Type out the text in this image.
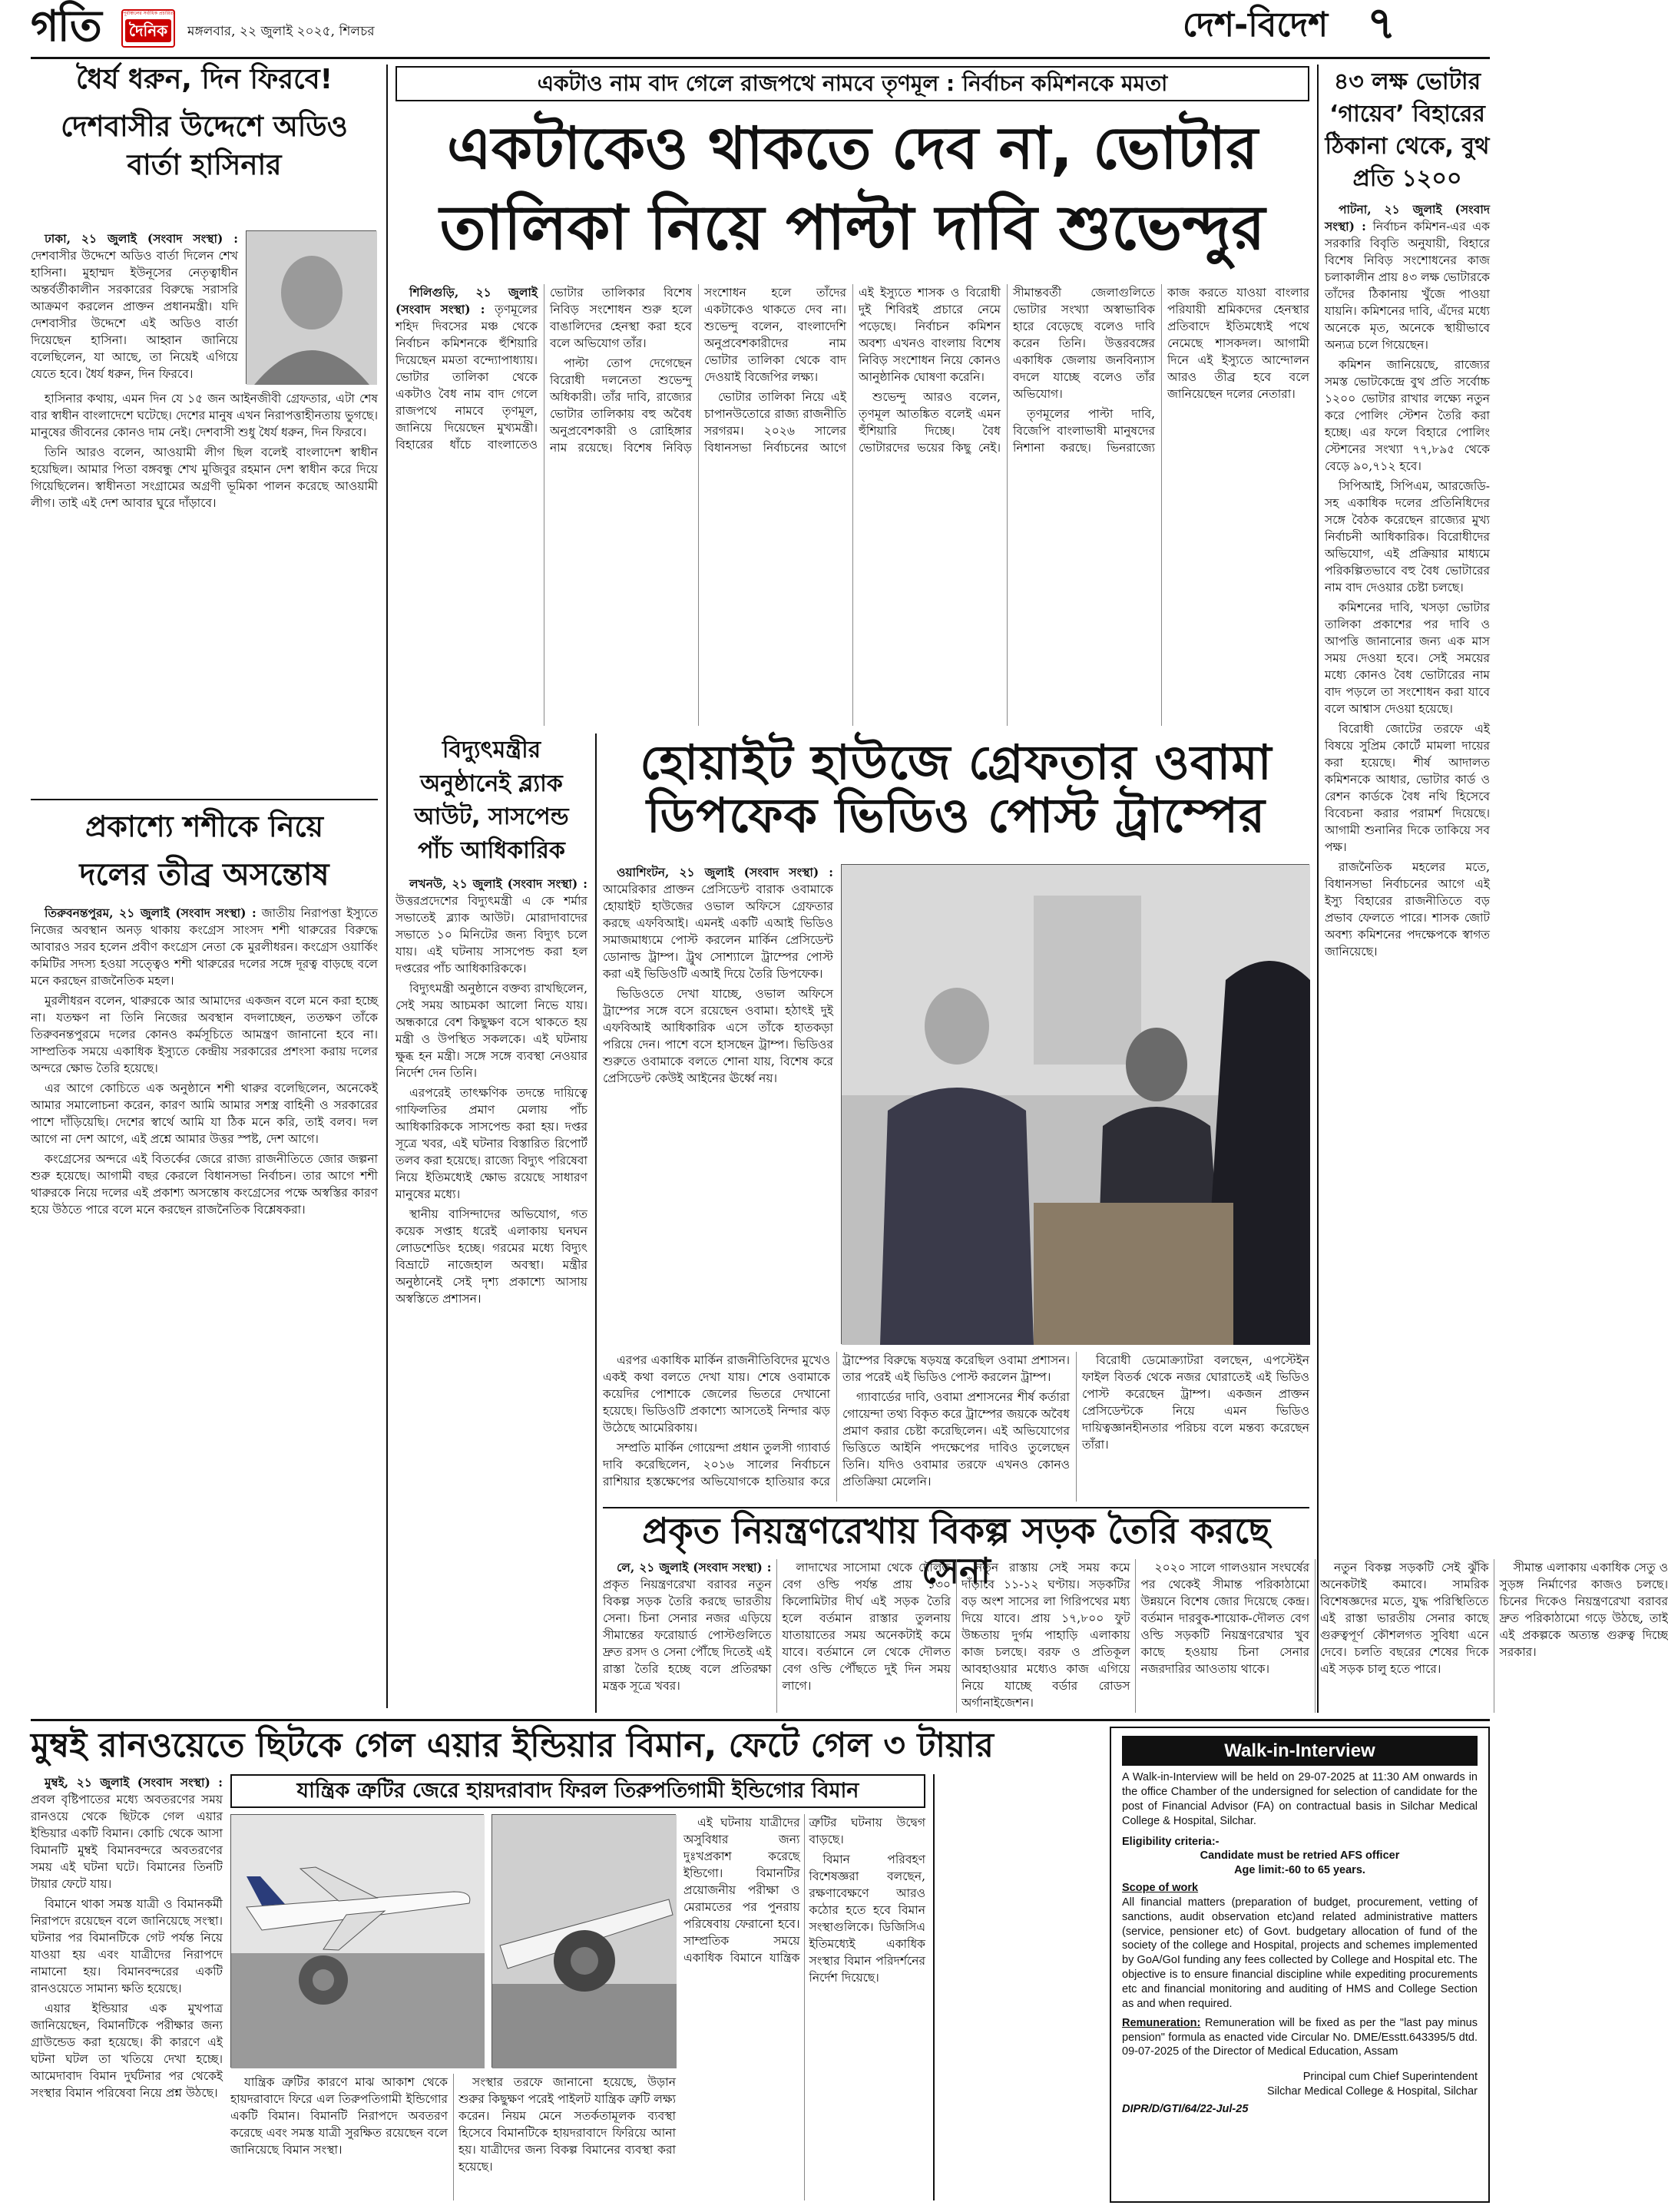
গতি	পূর্বাঞ্চলের সর্বাধিক প্রচারিত
দৈনিক মঙ্গলবার, ২২ জুলাই ২০২৫, শিলচর	দেশ-বিদেশ ৭
ধৈর্য ধরুন, দিন ফিরবে!
দেশবাসীর উদ্দেশে অডিও বার্তা হাসিনার

ঢাকা, ২১ জুলাই (সংবাদ সংস্থা) : দেশবাসীর উদ্দেশে অডিও বার্তা দিলেন শেখ হাসিনা। মুহাম্মদ ইউনূসের নেতৃত্বাধীন অন্তর্বর্তীকালীন সরকারের বিরুদ্ধে সরাসরি আক্রমণ করলেন প্রাক্তন প্রধানমন্ত্রী। যদি দেশবাসীর উদ্দেশে এই অডিও বার্তা দিয়েছেন হাসিনা। আহ্বান জানিয়ে বলেছিলেন, যা আছে, তা নিয়েই এগিয়ে যেতে হবে। ধৈর্য ধরুন, দিন ফিরবে।

হাসিনার কথায়, এমন দিন যে ১৫ জন আইনজীবী গ্রেফতার, এটা শেষ বার স্বাধীন বাংলাদেশে ঘটেছে। দেশের মানুষ এখন নিরাপত্তাহীনতায় ভুগছে। মানুষের জীবনের কোনও দাম নেই। দেশবাসী শুধু ধৈর্য ধরুন, দিন ফিরবে।

তিনি আরও বলেন, আওয়ামী লীগ ছিল বলেই বাংলাদেশ স্বাধীন হয়েছিল। আমার পিতা বঙ্গবন্ধু শেখ মুজিবুর রহমান দেশ স্বাধীন করে দিয়ে গিয়েছিলেন। স্বাধীনতা সংগ্রামের অগ্রণী ভূমিকা পালন করেছে আওয়ামী লীগ। তাই এই দেশ আবার ঘুরে দাঁড়াবে।

প্রকাশ্যে শশীকে নিয়ে
দলের তীব্র অসন্তোষ

তিরুবনন্তপুরম, ২১ জুলাই (সংবাদ সংস্থা) : জাতীয় নিরাপত্তা ইস্যুতে নিজের অবস্থান অনড় থাকায় কংগ্রেস সাংসদ শশী থারুরের বিরুদ্ধে আবারও সরব হলেন প্রবীণ কংগ্রেস নেতা কে মুরলীধরন। কংগ্রেস ওয়ার্কিং কমিটির সদস্য হওয়া সত্ত্বেও শশী থারুরের দলের সঙ্গে দূরত্ব বাড়ছে বলে মনে করছেন রাজনৈতিক মহল।

মুরলীধরন বলেন, থারুরকে আর আমাদের একজন বলে মনে করা হচ্ছে না। যতক্ষণ না তিনি নিজের অবস্থান বদলাচ্ছেন, ততক্ষণ তাঁকে তিরুবনন্তপুরমে দলের কোনও কর্মসূচিতে আমন্ত্রণ জানানো হবে না। সাম্প্রতিক সময়ে একাধিক ইস্যুতে কেন্দ্রীয় সরকারের প্রশংসা করায় দলের অন্দরে ক্ষোভ তৈরি হয়েছে।

এর আগে কোচিতে এক অনুষ্ঠানে শশী থারুর বলেছিলেন, অনেকেই আমার সমালোচনা করেন, কারণ আমি আমার সশস্ত্র বাহিনী ও সরকারের পাশে দাঁড়িয়েছি। দেশের স্বার্থে আমি যা ঠিক মনে করি, তাই বলব। দল আগে না দেশ আগে, এই প্রশ্নে আমার উত্তর স্পষ্ট, দেশ আগে।

কংগ্রেসের অন্দরে এই বিতর্কের জেরে রাজ্য রাজনীতিতে জোর জল্পনা শুরু হয়েছে। আগামী বছর কেরলে বিধানসভা নির্বাচন। তার আগে শশী থারুরকে নিয়ে দলের এই প্রকাশ্য অসন্তোষ কংগ্রেসের পক্ষে অস্বস্তির কারণ হয়ে উঠতে পারে বলে মনে করছেন রাজনৈতিক বিশ্লেষকরা।

একটাও নাম বাদ গেলে রাজপথে নামবে তৃণমূল : নির্বাচন কমিশনকে মমতা
একটাকেও থাকতে দেব না, ভোটার
তালিকা নিয়ে পাল্টা দাবি শুভেন্দুর

শিলিগুড়ি, ২১ জুলাই (সংবাদ সংস্থা) : তৃণমূলের শহিদ দিবসের মঞ্চ থেকে নির্বাচন কমিশনকে হুঁশিয়ারি দিয়েছেন মমতা বন্দ্যোপাধ্যায়। ভোটার তালিকা থেকে একটাও বৈধ নাম বাদ গেলে রাজপথে নামবে তৃণমূল, জানিয়ে দিয়েছেন মুখ্যমন্ত্রী। বিহারের ধাঁচে বাংলাতেও ভোটার তালিকার বিশেষ নিবিড় সংশোধন শুরু হলে বাঙালিদের হেনস্থা করা হবে বলে অভিযোগ তাঁর।

পাল্টা তোপ দেগেছেন বিরোধী দলনেতা শুভেন্দু অধিকারী। তাঁর দাবি, রাজ্যের ভোটার তালিকায় বহু অবৈধ অনুপ্রবেশকারী ও রোহিঙ্গার নাম রয়েছে। বিশেষ নিবিড় সংশোধন হলে তাঁদের একটাকেও থাকতে দেব না। শুভেন্দু বলেন, বাংলাদেশি অনুপ্রবেশকারীদের নাম ভোটার তালিকা থেকে বাদ দেওয়াই বিজেপির লক্ষ্য।

ভোটার তালিকা নিয়ে এই চাপানউতোরে রাজ্য রাজনীতি সরগরম। ২০২৬ সালের বিধানসভা নির্বাচনের আগে এই ইস্যুতে শাসক ও বিরোধী দুই শিবিরই প্রচারে নেমে পড়েছে। নির্বাচন কমিশন অবশ্য এখনও বাংলায় বিশেষ নিবিড় সংশোধন নিয়ে কোনও আনুষ্ঠানিক ঘোষণা করেনি।

শুভেন্দু আরও বলেন, তৃণমূল আতঙ্কিত বলেই এমন হুঁশিয়ারি দিচ্ছে। বৈধ ভোটারদের ভয়ের কিছু নেই। সীমান্তবর্তী জেলাগুলিতে ভোটার সংখ্যা অস্বাভাবিক হারে বেড়েছে বলেও দাবি করেন তিনি। উত্তরবঙ্গের একাধিক জেলায় জনবিন্যাস বদলে যাচ্ছে বলেও তাঁর অভিযোগ।

তৃণমূলের পাল্টা দাবি, বিজেপি বাংলাভাষী মানুষদের নিশানা করছে। ভিনরাজ্যে কাজ করতে যাওয়া বাংলার পরিযায়ী শ্রমিকদের হেনস্থার প্রতিবাদে ইতিমধ্যেই পথে নেমেছে শাসকদল। আগামী দিনে এই ইস্যুতে আন্দোলন আরও তীব্র হবে বলে জানিয়েছেন দলের নেতারা।

বিদ্যুৎমন্ত্রীর অনুষ্ঠানেই ব্ল্যাক আউট, সাসপেন্ড পাঁচ আধিকারিক

লখনউ, ২১ জুলাই (সংবাদ সংস্থা) : উত্তরপ্রদেশের বিদ্যুৎমন্ত্রী এ কে শর্মার সভাতেই ব্ল্যাক আউট। মোরাদাবাদের সভাতে ১০ মিনিটের জন্য বিদ্যুৎ চলে যায়। এই ঘটনায় সাসপেন্ড করা হল দপ্তরের পাঁচ আধিকারিককে।

বিদ্যুৎমন্ত্রী অনুষ্ঠানে বক্তব্য রাখছিলেন, সেই সময় আচমকা আলো নিভে যায়। অন্ধকারে বেশ কিছুক্ষণ বসে থাকতে হয় মন্ত্রী ও উপস্থিত সকলকে। এই ঘটনায় ক্ষুব্ধ হন মন্ত্রী। সঙ্গে সঙ্গে ব্যবস্থা নেওয়ার নির্দেশ দেন তিনি।

এরপরেই তাৎক্ষণিক তদন্তে দায়িত্বে গাফিলতির প্রমাণ মেলায় পাঁচ আধিকারিককে সাসপেন্ড করা হয়। দপ্তর সূত্রে খবর, এই ঘটনার বিস্তারিত রিপোর্ট তলব করা হয়েছে। রাজ্যে বিদ্যুৎ পরিষেবা নিয়ে ইতিমধ্যেই ক্ষোভ রয়েছে সাধারণ মানুষের মধ্যে।

স্থানীয় বাসিন্দাদের অভিযোগ, গত কয়েক সপ্তাহ ধরেই এলাকায় ঘনঘন লোডশেডিং হচ্ছে। গরমের মধ্যে বিদ্যুৎ বিভ্রাটে নাজেহাল অবস্থা। মন্ত্রীর অনুষ্ঠানেই সেই দৃশ্য প্রকাশ্যে আসায় অস্বস্তিতে প্রশাসন।

হোয়াইট হাউজে গ্রেফতার ওবামা
ডিপফেক ভিডিও পোস্ট ট্রাম্পের

ওয়াশিংটন, ২১ জুলাই (সংবাদ সংস্থা) : আমেরিকার প্রাক্তন প্রেসিডেন্ট বারাক ওবামাকে হোয়াইট হাউজের ওভাল অফিসে গ্রেফতার করছে এফবিআই। এমনই একটি এআই ভিডিও সমাজমাধ্যমে পোস্ট করলেন মার্কিন প্রেসিডেন্ট ডোনাল্ড ট্রাম্প। ট্রুথ সোশ্যালে ট্রাম্পের পোস্ট করা এই ভিডিওটি এআই দিয়ে তৈরি ডিপফেক।

ভিডিওতে দেখা যাচ্ছে, ওভাল অফিসে ট্রাম্পের সঙ্গে বসে রয়েছেন ওবামা। হঠাৎই দুই এফবিআই আধিকারিক এসে তাঁকে হাতকড়া পরিয়ে দেন। পাশে বসে হাসছেন ট্রাম্প। ভিডিওর শুরুতে ওবামাকে বলতে শোনা যায়, বিশেষ করে প্রেসিডেন্ট কেউই আইনের ঊর্ধ্বে নয়।

এরপর একাধিক মার্কিন রাজনীতিবিদের মুখেও একই কথা বলতে দেখা যায়। শেষে ওবামাকে কয়েদির পোশাকে জেলের ভিতরে দেখানো হয়েছে। ভিডিওটি প্রকাশ্যে আসতেই নিন্দার ঝড় উঠেছে আমেরিকায়।

সম্প্রতি মার্কিন গোয়েন্দা প্রধান তুলসী গ্যাবার্ড দাবি করেছিলেন, ২০১৬ সালের নির্বাচনে রাশিয়ার হস্তক্ষেপের অভিযোগকে হাতিয়ার করে ট্রাম্পের বিরুদ্ধে ষড়যন্ত্র করেছিল ওবামা প্রশাসন। তার পরেই এই ভিডিও পোস্ট করলেন ট্রাম্প।

গ্যাবার্ডের দাবি, ওবামা প্রশাসনের শীর্ষ কর্তারা গোয়েন্দা তথ্য বিকৃত করে ট্রাম্পের জয়কে অবৈধ প্রমাণ করার চেষ্টা করেছিলেন। এই অভিযোগের ভিত্তিতে আইনি পদক্ষেপের দাবিও তুলেছেন তিনি। যদিও ওবামার তরফে এখনও কোনও প্রতিক্রিয়া মেলেনি।

বিরোধী ডেমোক্র্যাটরা বলছেন, এপস্টেইন ফাইল বিতর্ক থেকে নজর ঘোরাতেই এই ভিডিও পোস্ট করেছেন ট্রাম্প। একজন প্রাক্তন প্রেসিডেন্টকে নিয়ে এমন ভিডিও দায়িত্বজ্ঞানহীনতার পরিচয় বলে মন্তব্য করেছেন তাঁরা।

৪৩ লক্ষ ভোটার ‘গায়েব’ বিহারের ঠিকানা থেকে, বুথ প্রতি ১২০০

পাটনা, ২১ জুলাই (সংবাদ সংস্থা) : নির্বাচন কমিশন-এর এক সরকারি বিবৃতি অনুযায়ী, বিহারে বিশেষ নিবিড় সংশোধনের কাজ চলাকালীন প্রায় ৪৩ লক্ষ ভোটারকে তাঁদের ঠিকানায় খুঁজে পাওয়া যায়নি। কমিশনের দাবি, এঁদের মধ্যে অনেকে মৃত, অনেকে স্থায়ীভাবে অন্যত্র চলে গিয়েছেন।

কমিশন জানিয়েছে, রাজ্যের সমস্ত ভোটকেন্দ্রে বুথ প্রতি সর্বোচ্চ ১২০০ ভোটার রাখার লক্ষ্যে নতুন করে পোলিং স্টেশন তৈরি করা হচ্ছে। এর ফলে বিহারে পোলিং স্টেশনের সংখ্যা ৭৭,৮৯৫ থেকে বেড়ে ৯০,৭১২ হবে।

সিপিআই, সিপিএম, আরজেডি-সহ একাধিক দলের প্রতিনিধিদের সঙ্গে বৈঠক করেছেন রাজ্যের মুখ্য নির্বাচনী আধিকারিক। বিরোধীদের অভিযোগ, এই প্রক্রিয়ার মাধ্যমে পরিকল্পিতভাবে বহু বৈধ ভোটারের নাম বাদ দেওয়ার চেষ্টা চলছে।

কমিশনের দাবি, খসড়া ভোটার তালিকা প্রকাশের পর দাবি ও আপত্তি জানানোর জন্য এক মাস সময় দেওয়া হবে। সেই সময়ের মধ্যে কোনও বৈধ ভোটারের নাম বাদ পড়লে তা সংশোধন করা যাবে বলে আশ্বাস দেওয়া হয়েছে।

বিরোধী জোটের তরফে এই বিষয়ে সুপ্রিম কোর্টে মামলা দায়ের করা হয়েছে। শীর্ষ আদালত কমিশনকে আধার, ভোটার কার্ড ও রেশন কার্ডকে বৈধ নথি হিসেবে বিবেচনা করার পরামর্শ দিয়েছে। আগামী শুনানির দিকে তাকিয়ে সব পক্ষ।

রাজনৈতিক মহলের মতে, বিধানসভা নির্বাচনের আগে এই ইস্যু বিহারের রাজনীতিতে বড় প্রভাব ফেলতে পারে। শাসক জোট অবশ্য কমিশনের পদক্ষেপকে স্বাগত জানিয়েছে।

প্রকৃত নিয়ন্ত্রণরেখায় বিকল্প সড়ক তৈরি করছে সেনা

লে, ২১ জুলাই (সংবাদ সংস্থা) : প্রকৃত নিয়ন্ত্রণরেখা বরাবর নতুন বিকল্প সড়ক তৈরি করছে ভারতীয় সেনা। চিনা সেনার নজর এড়িয়ে সীমান্তের ফরোয়ার্ড পোস্টগুলিতে দ্রুত রসদ ও সেনা পৌঁছে দিতেই এই রাস্তা তৈরি হচ্ছে বলে প্রতিরক্ষা মন্ত্রক সূত্রে খবর।

লাদাখের সাসোমা থেকে দৌলত বেগ ওল্ডি পর্যন্ত প্রায় ১৩০ কিলোমিটার দীর্ঘ এই সড়ক তৈরি হলে বর্তমান রাস্তার তুলনায় যাতায়াতের সময় অনেকটাই কমে যাবে। বর্তমানে লে থেকে দৌলত বেগ ওল্ডি পৌঁছতে দুই দিন সময় লাগে।

নতুন রাস্তায় সেই সময় কমে দাঁড়াবে ১১-১২ ঘণ্টায়। সড়কটির বড় অংশ সাসের লা গিরিপথের মধ্য দিয়ে যাবে। প্রায় ১৭,৮০০ ফুট উচ্চতায় দুর্গম পাহাড়ি এলাকায় কাজ চলছে। বরফ ও প্রতিকূল আবহাওয়ার মধ্যেও কাজ এগিয়ে নিয়ে যাচ্ছে বর্ডার রোডস অর্গানাইজেশন।

২০২০ সালে গালওয়ান সংঘর্ষের পর থেকেই সীমান্ত পরিকাঠামো উন্নয়নে বিশেষ জোর দিয়েছে কেন্দ্র। বর্তমান দারবুক-শায়োক-দৌলত বেগ ওল্ডি সড়কটি নিয়ন্ত্রণরেখার খুব কাছে হওয়ায় চিনা সেনার নজরদারির আওতায় থাকে।

নতুন বিকল্প সড়কটি সেই ঝুঁকি অনেকটাই কমাবে। সামরিক বিশেষজ্ঞদের মতে, যুদ্ধ পরিস্থিতিতে এই রাস্তা ভারতীয় সেনার কাছে গুরুত্বপূর্ণ কৌশলগত সুবিধা এনে দেবে। চলতি বছরের শেষের দিকে এই সড়ক চালু হতে পারে।

সীমান্ত এলাকায় একাধিক সেতু ও সুড়ঙ্গ নির্মাণের কাজও চলছে। চিনের দিকেও নিয়ন্ত্রণরেখা বরাবর দ্রুত পরিকাঠামো গড়ে উঠছে, তাই এই প্রকল্পকে অত্যন্ত গুরুত্ব দিচ্ছে সরকার।

মুম্বই রানওয়েতে ছিটকে গেল এয়ার ইন্ডিয়ার বিমান, ফেটে গেল ৩ টায়ার

মুম্বই, ২১ জুলাই (সংবাদ সংস্থা) : প্রবল বৃষ্টিপাতের মধ্যে অবতরণের সময় রানওয়ে থেকে ছিটকে গেল এয়ার ইন্ডিয়ার একটি বিমান। কোচি থেকে আসা বিমানটি মুম্বই বিমানবন্দরে অবতরণের সময় এই ঘটনা ঘটে। বিমানের তিনটি টায়ার ফেটে যায়।

বিমানে থাকা সমস্ত যাত্রী ও বিমানকর্মী নিরাপদে রয়েছেন বলে জানিয়েছে সংস্থা। ঘটনার পর বিমানটিকে গেট পর্যন্ত নিয়ে যাওয়া হয় এবং যাত্রীদের নিরাপদে নামানো হয়। বিমানবন্দরের একটি রানওয়েতে সামান্য ক্ষতি হয়েছে।

এয়ার ইন্ডিয়ার এক মুখপাত্র জানিয়েছেন, বিমানটিকে পরীক্ষার জন্য গ্রাউন্ডেড করা হয়েছে। কী কারণে এই ঘটনা ঘটল তা খতিয়ে দেখা হচ্ছে। আমেদাবাদ বিমান দুর্ঘটনার পর থেকেই সংস্থার বিমান পরিষেবা নিয়ে প্রশ্ন উঠছে।

যান্ত্রিক ত্রুটির জেরে হায়দরাবাদ ফিরল তিরুপতিগামী ইন্ডিগোর বিমান

যান্ত্রিক ত্রুটির কারণে মাঝ আকাশ থেকে হায়দরাবাদে ফিরে এল তিরুপতিগামী ইন্ডিগোর একটি বিমান। বিমানটি নিরাপদে অবতরণ করেছে এবং সমস্ত যাত্রী সুরক্ষিত রয়েছেন বলে জানিয়েছে বিমান সংস্থা।

সংস্থার তরফে জানানো হয়েছে, উড়ান শুরুর কিছুক্ষণ পরেই পাইলট যান্ত্রিক ত্রুটি লক্ষ্য করেন। নিয়ম মেনে সতর্কতামূলক ব্যবস্থা হিসেবে বিমানটিকে হায়দরাবাদে ফিরিয়ে আনা হয়। যাত্রীদের জন্য বিকল্প বিমানের ব্যবস্থা করা হয়েছে।

এই ঘটনায় যাত্রীদের অসুবিধার জন্য দুঃখপ্রকাশ করেছে ইন্ডিগো। বিমানটির প্রয়োজনীয় পরীক্ষা ও মেরামতের পর পুনরায় পরিষেবায় ফেরানো হবে। সাম্প্রতিক সময়ে একাধিক বিমানে যান্ত্রিক ত্রুটির ঘটনায় উদ্বেগ বাড়ছে।

বিমান পরিবহণ বিশেষজ্ঞরা বলছেন, রক্ষণাবেক্ষণে আরও কঠোর হতে হবে বিমান সংস্থাগুলিকে। ডিজিসিএ ইতিমধ্যেই একাধিক সংস্থার বিমান পরিদর্শনের নির্দেশ দিয়েছে।

Walk-in-Interview
A Walk-in-Interview will be held on 29-07-2025 at 11:30 AM onwards in the office Chamber of the undersigned for selection of candidate for the post of Financial Advisor (FA) on contractual basis in Silchar Medical College & Hospital, Silchar.
Eligibility criteria:-
Candidate must be retried AFS officer
Age limit:-60 to 65 years.
Scope of work
All financial matters (preparation of budget, procurement, vetting of sanctions, audit observation etc)and related administrative matters (service, pensioner etc) of Govt. budgetary allocation of fund of the society of the college and Hospital, projects and schemes implemented by GoA/GoI funding any fees collected by College and Hospital etc. The objective is to ensure financial discipline while expediting procurements etc and financial monitoring and auditing of HMS and College Section as and when required.
Remuneration: Remuneration will be fixed as per the "last pay minus pension" formula as enacted vide Circular No. DME/Esstt.643395/5 dtd. 09-07-2025 of the Director of Medical Education, Assam
Principal cum Chief Superintendent
Silchar Medical College & Hospital, Silchar
DIPR/D/GTI/64/22-Jul-25
